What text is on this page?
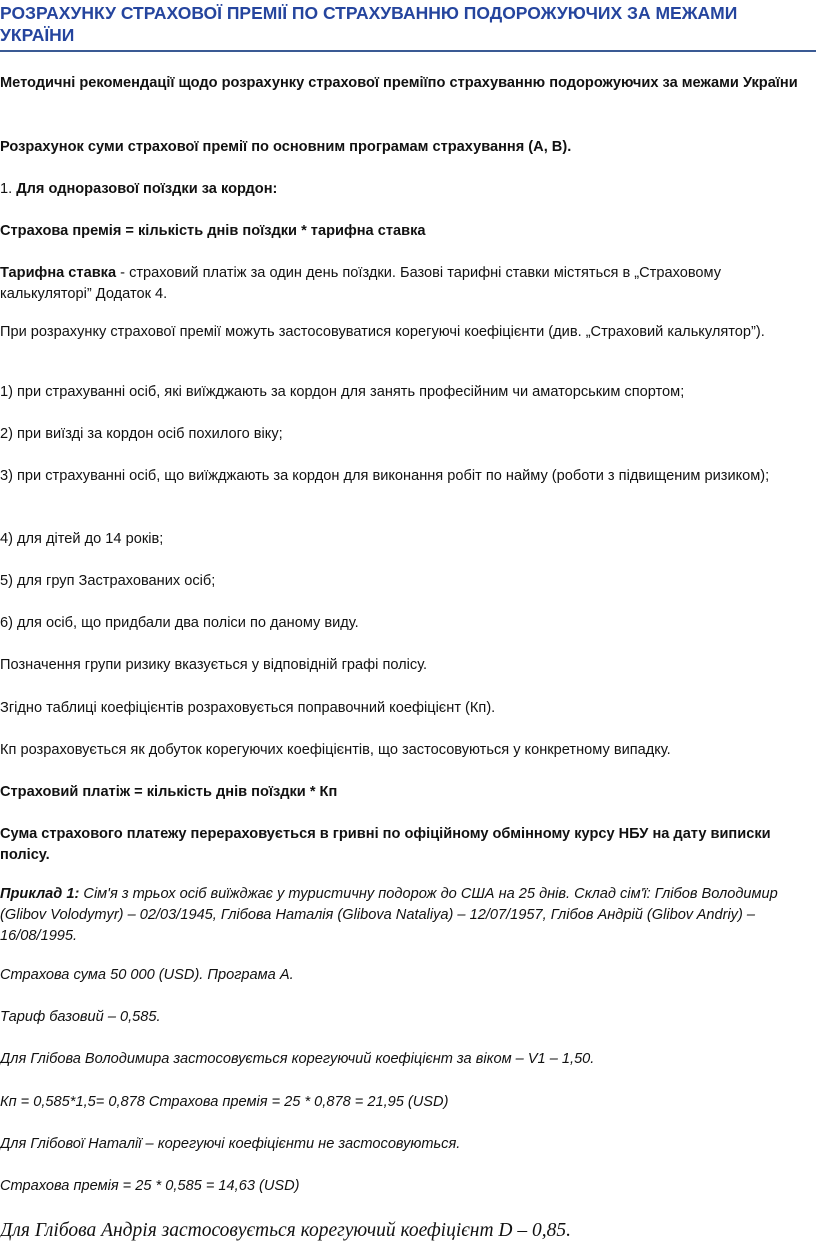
РОЗРАХУНКУ СТРАХОВОЇ ПРЕМІЇ ПО СТРАХУВАННЮ ПОДОРОЖУЮЧИХ ЗА МЕЖАМИ УКРАЇНИ

Методичні рекомендації щодо розрахунку страхової преміїпо страхуванню подорожуючих за межами України

Розрахунок суми страхової премії по основним програмам страхування (А, В).

1. Для одноразової поїздки за кордон:

Страхова премія = кількість днів поїздки * тарифна ставка

Тарифна ставка - страховий платіж за один день поїздки. Базові тарифні ставки містяться в „Страховому калькуляторі” Додаток 4.

При розрахунку страхової премії можуть застосовуватися корегуючі коефіцієнти (див. „Страховий калькулятор”).

1) при страхуванні осіб, які виїжджають за кордон для занять професійним чи аматорським спортом;

2) при виїзді за кордон осіб похилого віку;

3) при страхуванні осіб, що виїжджають за кордон для виконання робіт по найму (роботи з підвищеним ризиком);

4) для дітей до 14 років;

5) для груп Застрахованих осіб;

6) для осіб, що придбали два поліси по даному виду.

Позначення групи ризику вказується у відповідній графі полісу.

Згідно таблиці коефіцієнтів розраховується поправочний коефіцієнт (Кп).

Кп розраховується як добуток корегуючих коефіцієнтів, що застосовуються у конкретному випадку.

Страховий платіж = кількість днів поїздки * Кп

Сума страхового платежу перераховується в гривні по офіційному обмінному курсу НБУ на дату виписки полісу.

Приклад 1: Сім'я з трьох осіб виїжджає у туристичну подорож до США на 25 днів. Склад сім'ї: Глібов Володимир (Glibov Volodymyr) – 02/03/1945, Глібова Наталія (Glibova Nataliya) – 12/07/1957, Глібов Андрій (Glibov Andriy) – 16/08/1995.

Страхова сума 50 000 (USD). Програма А.

Тариф базовий – 0,585.

Для Глібова Володимира застосовується корегуючий коефіцієнт за віком – V1 – 1,50.

Кп = 0,585*1,5= 0,878 Страхова премія = 25 * 0,878 = 21,95 (USD)

Для Глібової Наталії – корегуючі коефіцієнти не застосовуються.

Страхова премія = 25 * 0,585 = 14,63 (USD)

Для Глібова Андрія застосовується корегуючий коефіцієнт D – 0,85.
